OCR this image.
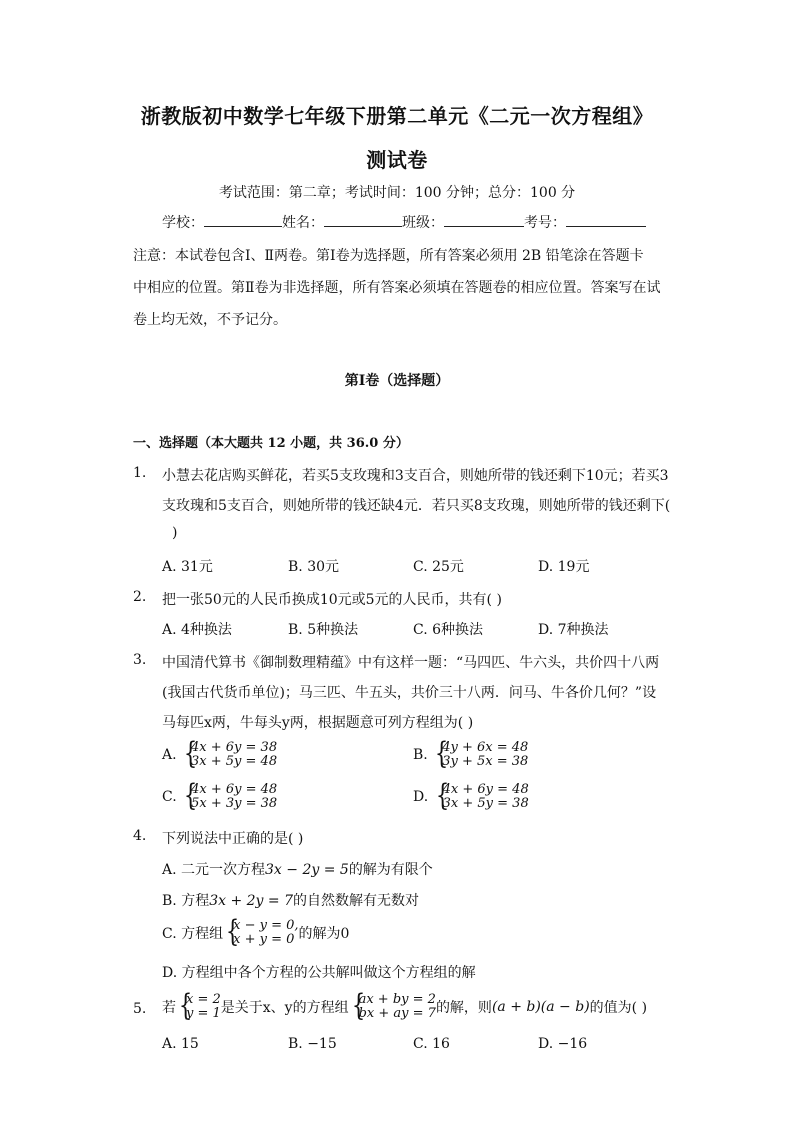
浙教版初中数学七年级下册第二单元《二元一次方程组》
测试卷
考试范围：第二章；考试时间：100 分钟；总分：100 分
学校：	姓名：	班级：	考号：
注意：本试卷包含Ⅰ、Ⅱ两卷。第Ⅰ卷为选择题，所有答案必须用 2B 铅笔涂在答题卡
中相应的位置。第Ⅱ卷为非选择题，所有答案必须填在答题卷的相应位置。答案写在试
卷上均无效，不予记分。
第Ⅰ卷（选择题）
一、选择题（本大题共 12 小题，共 36.0 分）
1. 小慧去花店购买鲜花，若买5支玫瑰和3支百合，则她所带的钱还剩下10元；若买3
支玫瑰和5支百合，则她所带的钱还缺4元．若只买8支玫瑰，则她所带的钱还剩下(
)
A. 31元	B. 30元	C. 25元	D. 19元
2. 把一张50元的人民币换成10元或5元的人民币，共有( )
A. 4种换法	B. 5种换法	C. 6种换法	D. 7种换法
3. 中国清代算书《御制数理精蕴》中有这样一题：“马四匹、牛六头，共价四十八两
(我国古代货币单位)；马三匹、牛五头，共价三十八两．问马、牛各价几何？”设
马每匹x两，牛每头y两，根据题意可列方程组为( )
A. {
4x + 6y = 38
3x + 5y = 48	B. {
4y + 6x = 48
3y + 5x = 38
C. {
4x + 6y = 48
5x + 3y = 38	D. {
4x + 6y = 48
3x + 5y = 38
4. 下列说法中正确的是( )
A. 二元一次方程3x − 2y = 5的解为有限个
B. 方程3x + 2y = 7的自然数解有无数对
C. 方程组 {
x − y = 0,
x + y = 0 的解为0
D. 方程组中各个方程的公共解叫做这个方程组的解
5. 若 {
x = 2
y = 1 是关于x、y的方程组 {
ax + by = 2
bx + ay = 7 的解，则(a + b)(a − b)的值为( )
A. 15	B. −15	C. 16	D. −16
